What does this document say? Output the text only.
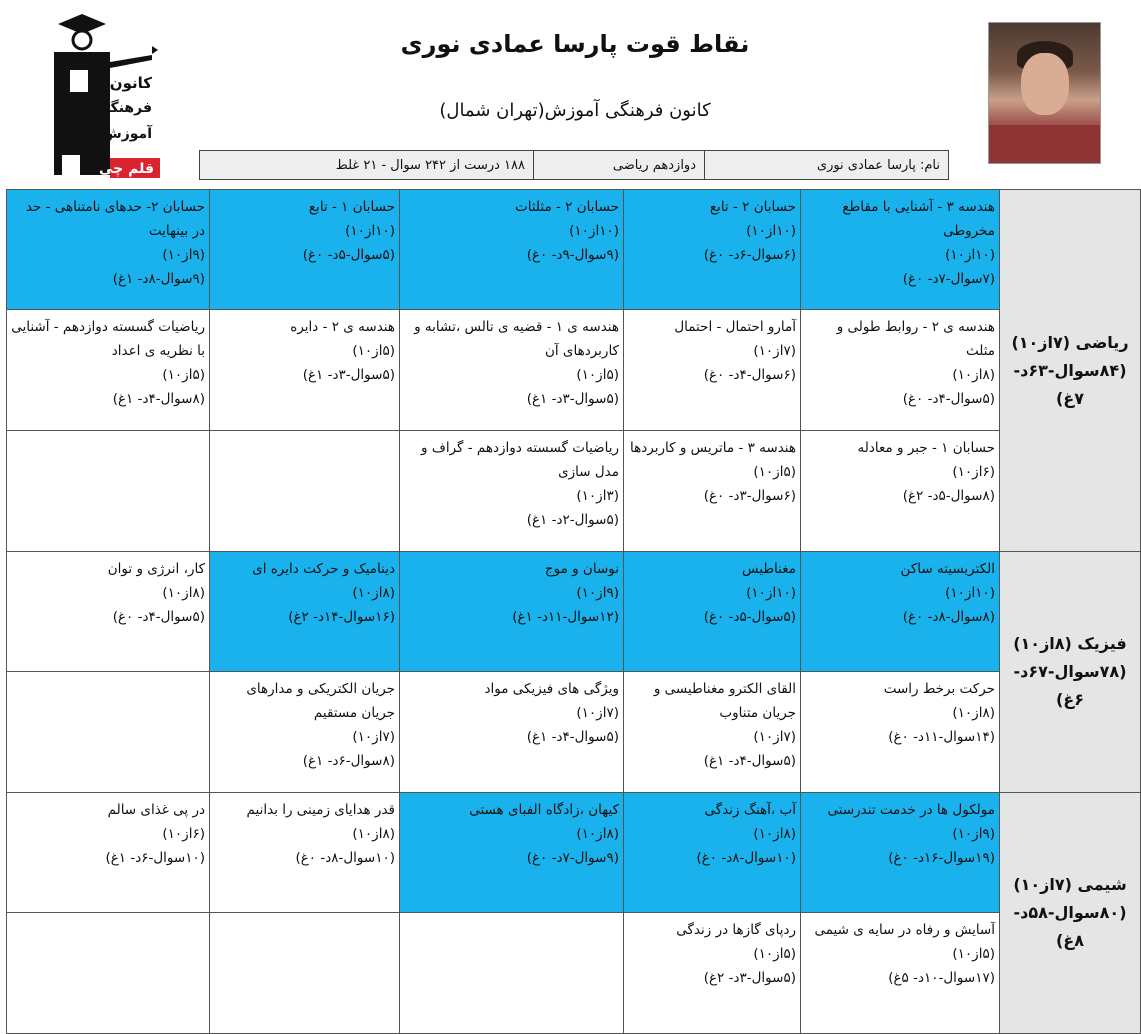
کانون
فرهنگی
آموزش
قلم چی
نقاط قوت پارسا عمادی نوری
کانون فرهنگی آموزش(تهران شمال)
نام: پارسا عمادی نوری	دوازدهم ریاضی	۱۸۸ درست از ۲۴۲ سوال - ۲۱ غلط
ریاضی (۷از۱۰) (۸۴سوال-۶۳د- ۷غ)	هندسه ۳ - آشنایی با مقاطع مخروطی
(۱۰از۱۰)
(۷سوال-۷د- ۰غ)	حسابان ۲ - تابع
(۱۰از۱۰)
(۶سوال-۶د- ۰غ)	حسابان ۲ - مثلثات
(۱۰از۱۰)
(۹سوال-۹د- ۰غ)	حسابان ۱ - تابع
(۱۰از۱۰)
(۵سوال-۵د- ۰غ)	حسابان ۲- حدهای نامتناهی - حد در بینهایت
(۹از۱۰)
(۹سوال-۸د- ۱غ)

	هندسه ی ۲ - روابط طولی و مثلث
(۸از۱۰)
(۵سوال-۴د- ۰غ)	آمارو احتمال - احتمال
(۷از۱۰)
(۶سوال-۴د- ۰غ)	هندسه ی ۱ - قضیه ی تالس ،تشابه و کاربردهای آن
(۵از۱۰)
(۵سوال-۳د- ۱غ)	هندسه ی ۲ - دایره
(۵از۱۰)
(۵سوال-۳د- ۱غ)	ریاضیات گسسته دوازدهم - آشنایی با نظریه ی اعداد
(۵از۱۰)
(۸سوال-۴د- ۱غ)

	حسابان ۱ - جبر و معادله
(۶از۱۰)
(۸سوال-۵د- ۲غ)	هندسه ۳ - ماتریس و کاربردها
(۵از۱۰)
(۶سوال-۳د- ۰غ)	ریاضیات گسسته دوازدهم - گراف و مدل سازی
(۳از۱۰)
(۵سوال-۲د- ۱غ)		

فیزیک (۸از۱۰) (۷۸سوال-۶۷د- ۶غ)	الکتریسیته ساکن
(۱۰از۱۰)
(۸سوال-۸د- ۰غ)	مغناطیس
(۱۰از۱۰)
(۵سوال-۵د- ۰غ)	نوسان و موج
(۹از۱۰)
(۱۲سوال-۱۱د- ۱غ)	دینامیک و حرکت دایره ای
(۸از۱۰)
(۱۶سوال-۱۴د- ۲غ)	کار، انرژی و توان
(۸از۱۰)
(۵سوال-۴د- ۰غ)

	حرکت برخط راست
(۸از۱۰)
(۱۴سوال-۱۱د- ۰غ)	القای الکترو مغناطیسی و جریان متناوب
(۷از۱۰)
(۵سوال-۴د- ۱غ)	ویژگی های فیزیکی مواد
(۷از۱۰)
(۵سوال-۴د- ۱غ)	جریان الکتریکی و مدارهای جریان مستقیم
(۷از۱۰)
(۸سوال-۶د- ۱غ)	

شیمی (۷از۱۰) (۸۰سوال-۵۸د- ۸غ)	مولکول ها در خدمت تندرستی
(۹از۱۰)
(۱۹سوال-۱۶د- ۰غ)	آب ،آهنگ زندگی
(۸از۱۰)
(۱۰سوال-۸د- ۰غ)	کیهان ،زادگاه الفبای هستی
(۸از۱۰)
(۹سوال-۷د- ۰غ)	قدر هدایای زمینی را بدانیم
(۸از۱۰)
(۱۰سوال-۸د- ۰غ)	در پی غذای سالم
(۶از۱۰)
(۱۰سوال-۶د- ۱غ)

	آسایش و رفاه در سایه ی شیمی
(۵از۱۰)
(۱۷سوال-۱۰د- ۵غ)	ردپای گازها در زندگی
(۵از۱۰)
(۵سوال-۳د- ۲غ)			
